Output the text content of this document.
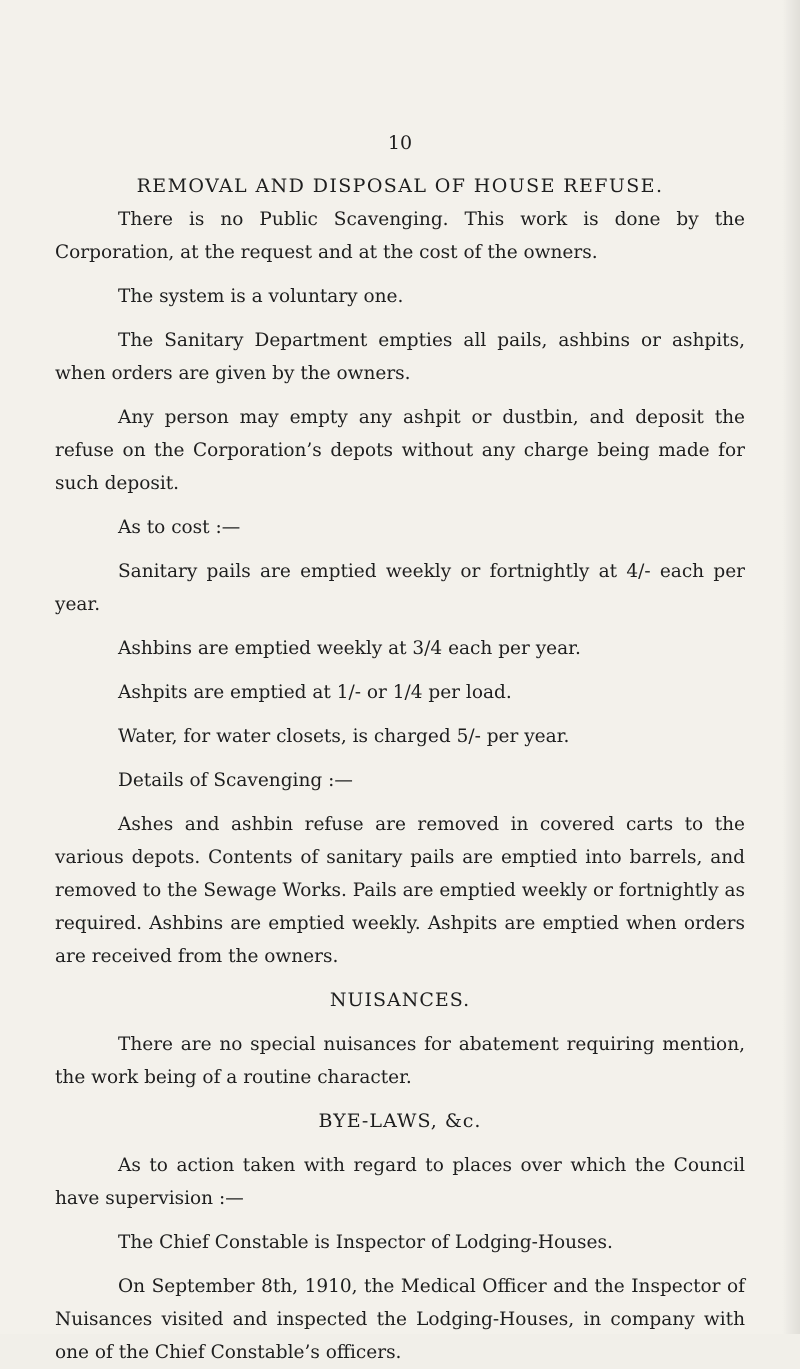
10
REMOVAL AND DISPOSAL OF HOUSE REFUSE.

There is no Public Scavenging. This work is done by the Corporation, at the request and at the cost of the owners.

The system is a voluntary one.

The Sanitary Department empties all pails, ashbins or ashpits, when orders are given by the owners.

Any person may empty any ashpit or dustbin, and deposit the refuse on the Corporation’s depots without any charge being made for such deposit.

As to cost :—

Sanitary pails are emptied weekly or fortnightly at 4/- each per year.

Ashbins are emptied weekly at 3/4 each per year.

Ashpits are emptied at 1/- or 1/4 per load.

Water, for water closets, is charged 5/- per year.

Details of Scavenging :—

Ashes and ashbin refuse are removed in covered carts to the various depots. Contents of sanitary pails are emptied into barrels, and removed to the Sewage Works. Pails are emptied weekly or fortnightly as required. Ashbins are emptied weekly. Ashpits are emptied when orders are received from the owners.

NUISANCES.

There are no special nuisances for abatement requiring mention, the work being of a routine character.

BYE-LAWS, &c.

As to action taken with regard to places over which the Council have supervision :—

The Chief Constable is Inspector of Lodging-Houses.

On September 8th, 1910, the Medical Officer and the Inspector of Nuisances visited and inspected the Lodging-Houses, in company with one of the Chief Constable’s officers.
